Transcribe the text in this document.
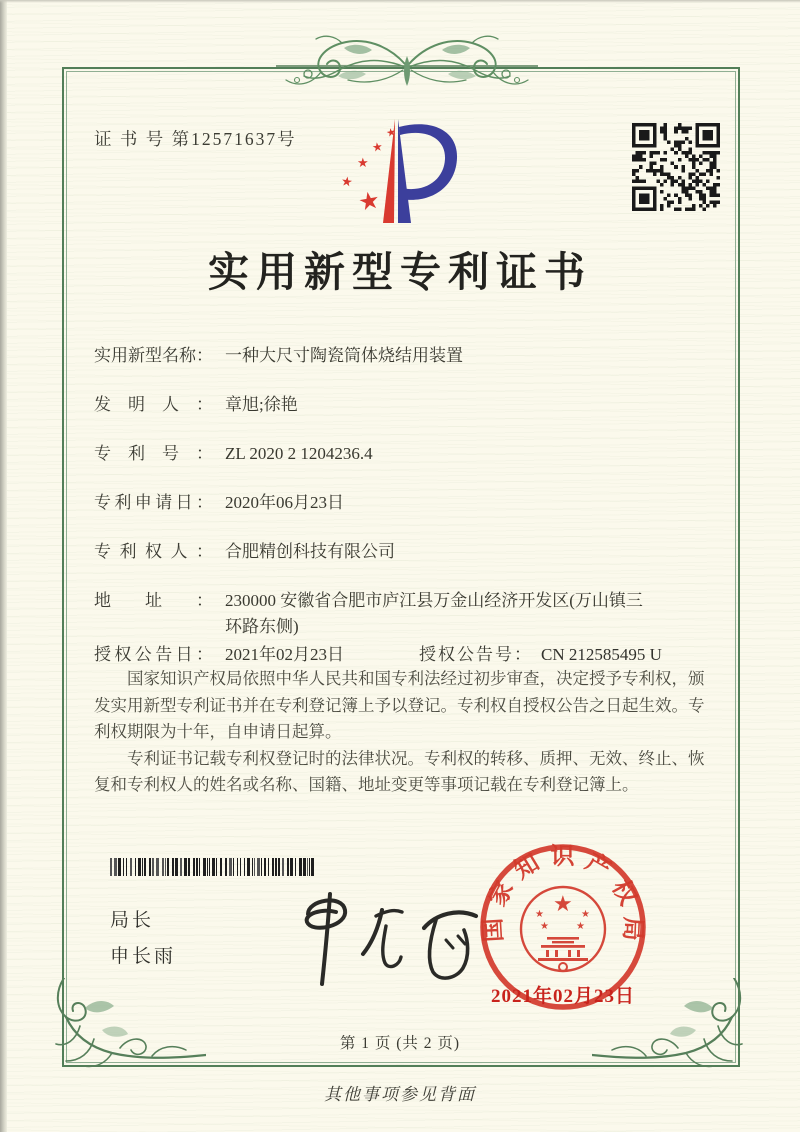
证 书 号 第12571637号	★
★
★
★
★
实用新型专利证书
实用新型名称： 一种大尺寸陶瓷筒体烧结用装置
发明人： 章旭;徐艳
专利号： ZL 2020 2 1204236.4
专利申请日： 2020年06月23日
专利权人： 合肥精创科技有限公司
地址： 230000 安徽省合肥市庐江县万金山经济开发区(万山镇三环路东侧)
授权公告日： 2021年02月23日	授权公告号： CN 212585495 U

国家知识产权局依照中华人民共和国专利法经过初步审查，决定授予专利权，颁发实用新型专利证书并在专利登记簿上予以登记。专利权自授权公告之日起生效。专利权期限为十年，自申请日起算。

专利证书记载专利权登记时的法律状况。专利权的转移、质押、无效、终止、恢复和专利权人的姓名或名称、国籍、地址变更等事项记载在专利登记簿上。

局长
申长雨
国家知识产权局
★
★	★
★	★
2021年02月23日
第 1 页 (共 2 页)
其他事项参见背面
